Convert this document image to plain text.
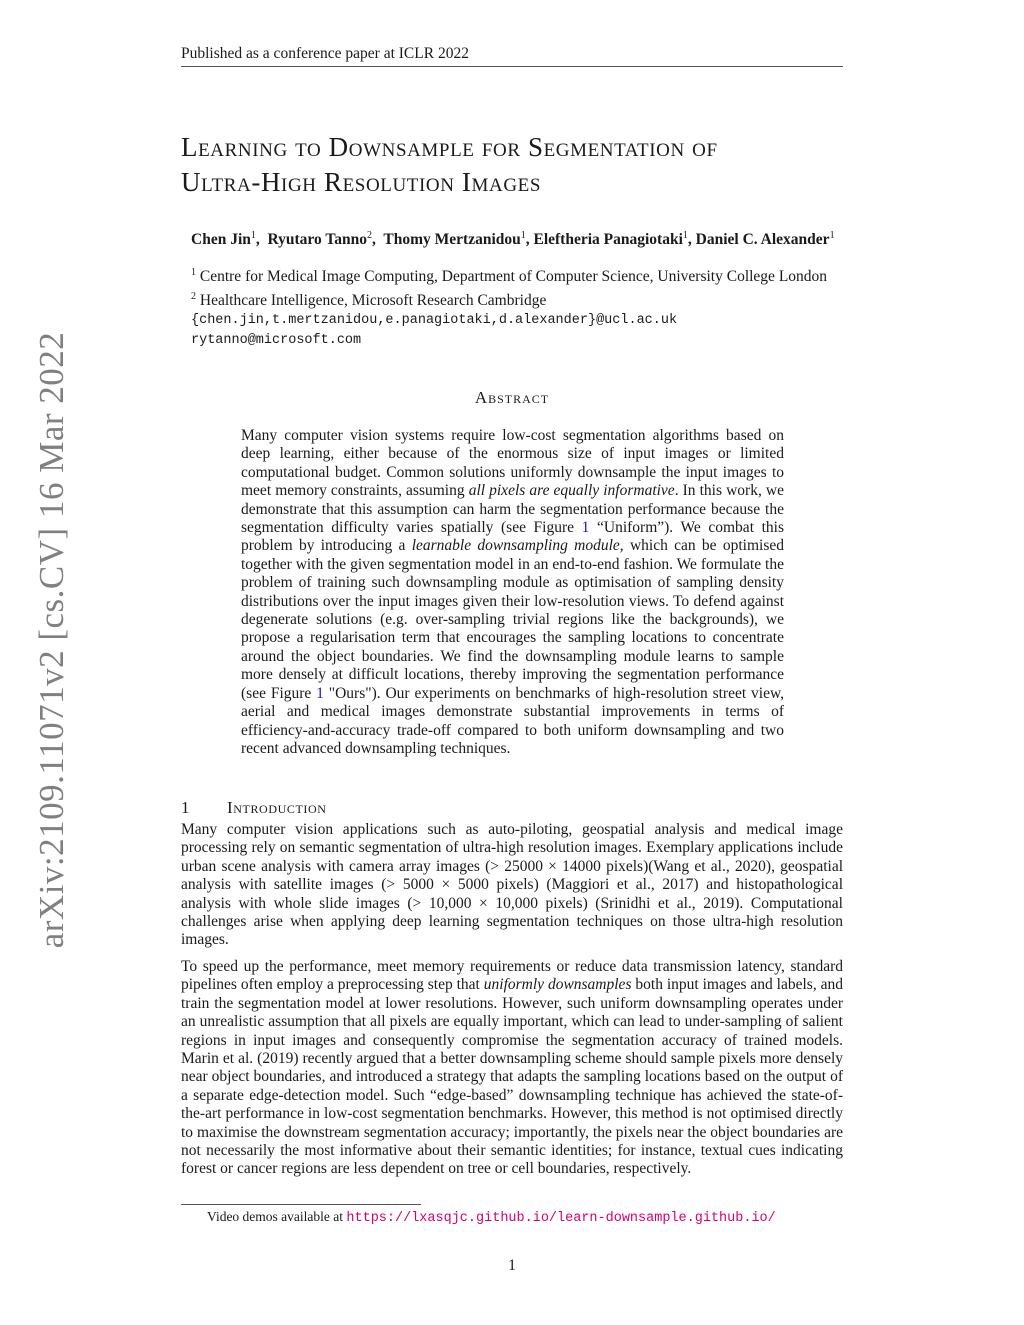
Published as a conference paper at ICLR 2022
Learning to Downsample for Segmentation of
Ultra-High Resolution Images
Chen Jin$^1$,  Ryutaro Tanno$^2$,  Thomy Mertzanidou$^1$, Eleftheria Panagiotaki$^1$, Daniel C. Alexander$^1$
$^1$ Centre for Medical Image Computing, Department of Computer Science, University College London
$^2$ Healthcare Intelligence, Microsoft Research Cambridge
{chen.jin,t.mertzanidou,e.panagiotaki,d.alexander}@ucl.ac.uk
rytanno@microsoft.com
Abstract
Many computer vision systems require low-cost segmentation algorithms based on deep learning, either because of the enormous size of input images or limited computational budget. Common solutions uniformly downsample the input images to meet memory constraints, assuming all pixels are equally informative. In this work, we demonstrate that this assumption can harm the segmentation performance because the segmentation difficulty varies spatially (see Figure 1 “Uniform”). We combat this problem by introducing a learnable downsampling module, which can be optimised together with the given segmentation model in an end-to-end fashion. We formulate the problem of training such downsampling module as optimisation of sampling density distributions over the input images given their low-resolution views. To defend against degenerate solutions (e.g. over-sampling trivial regions like the backgrounds), we propose a regularisation term that encourages the sampling locations to concentrate around the object boundaries. We find the downsampling module learns to sample more densely at difficult locations, thereby improving the segmentation performance (see Figure 1 "Ours"). Our experiments on benchmarks of high-resolution street view, aerial and medical images demonstrate substantial improvements in terms of efficiency-and-accuracy trade-off compared to both uniform downsampling and two recent advanced downsampling techniques.
1 Introduction

Many computer vision applications such as auto-piloting, geospatial analysis and medical image processing rely on semantic segmentation of ultra-high resolution images. Exemplary applications include urban scene analysis with camera array images (> 25000 × 14000 pixels)(Wang et al., 2020), geospatial analysis with satellite images (> 5000 × 5000 pixels) (Maggiori et al., 2017) and histopathological analysis with whole slide images (> 10,000 × 10,000 pixels) (Srinidhi et al., 2019). Computational challenges arise when applying deep learning segmentation techniques on those ultra-high resolution images.

To speed up the performance, meet memory requirements or reduce data transmission latency, standard pipelines often employ a preprocessing step that uniformly downsamples both input images and labels, and train the segmentation model at lower resolutions. However, such uniform downsampling operates under an unrealistic assumption that all pixels are equally important, which can lead to under-sampling of salient regions in input images and consequently compromise the segmentation accuracy of trained models. Marin et al. (2019) recently argued that a better downsampling scheme should sample pixels more densely near object boundaries, and introduced a strategy that adapts the sampling locations based on the output of a separate edge-detection model. Such “edge-based” downsampling technique has achieved the state-of-the-art performance in low-cost segmentation benchmarks. However, this method is not optimised directly to maximise the downstream segmentation accuracy; importantly, the pixels near the object boundaries are not necessarily the most informative about their semantic identities; for instance, textual cues indicating forest or cancer regions are less dependent on tree or cell boundaries, respectively.

Video demos available at https://lxasqjc.github.io/learn-downsample.github.io/
1
arXiv:2109.11071v2 [cs.CV] 16 Mar 2022
